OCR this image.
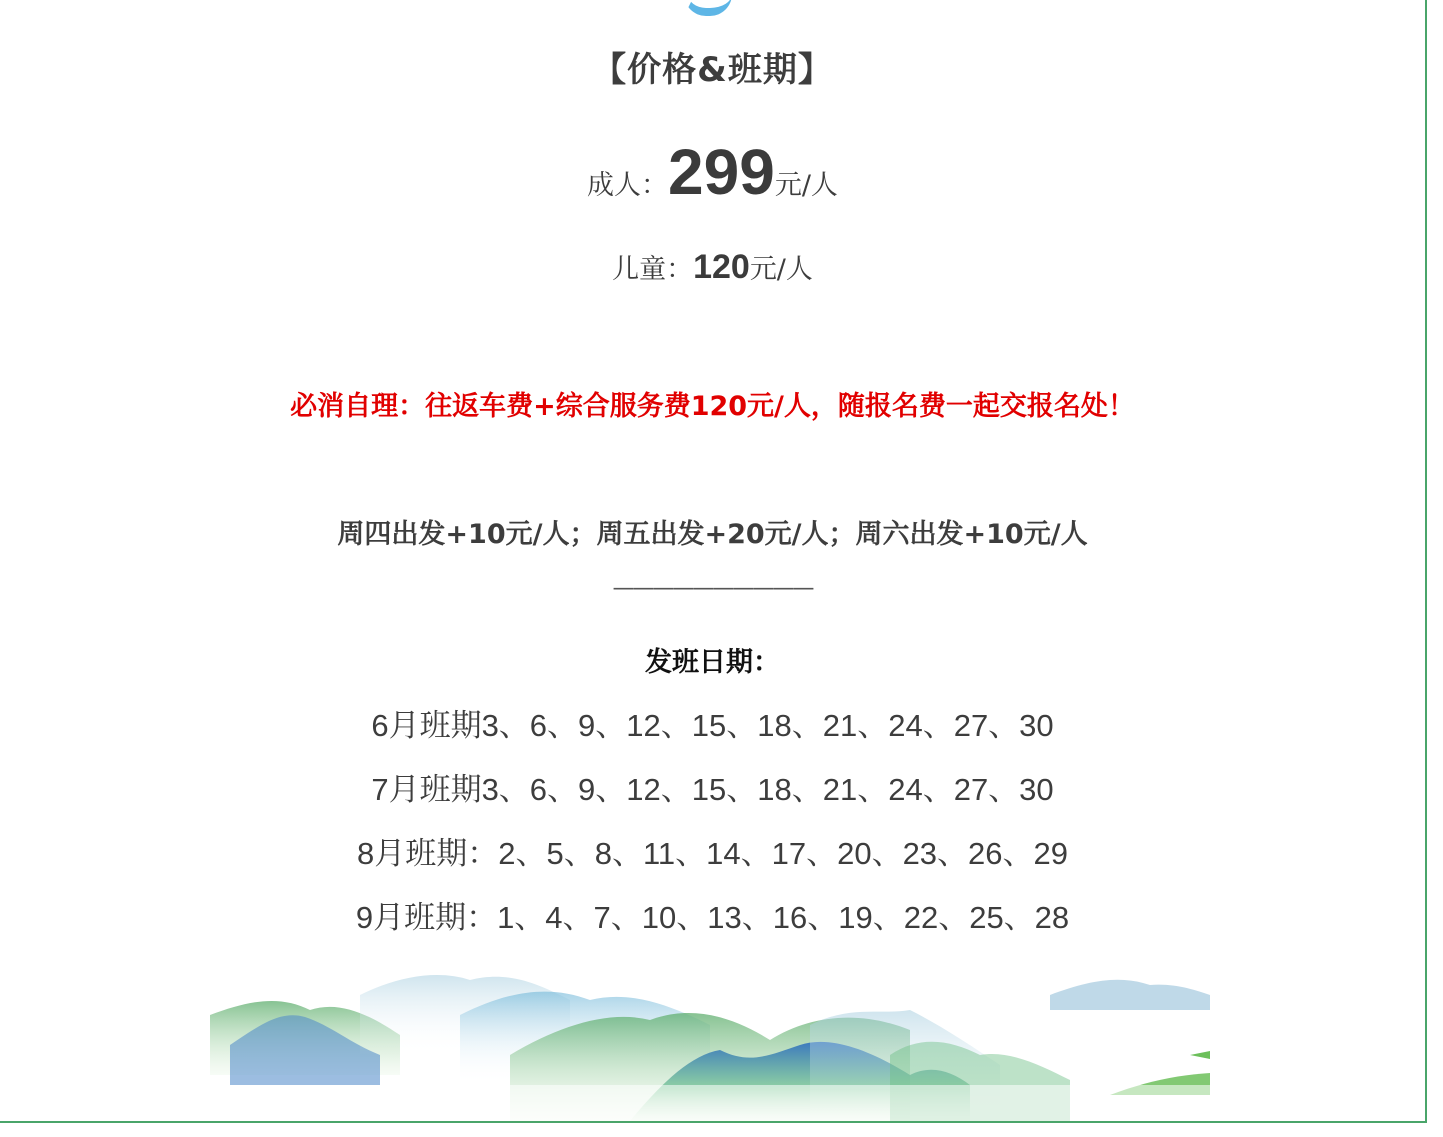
【价格&班期】
成人：299元/人
儿童：120元/人
必消自理：往返车费+综合服务费120元/人，随报名费一起交报名处！
周四出发+10元/人；周五出发+20元/人；周六出发+10元/人
——————————
发班日期：
6月班期3、6、9、12、15、18、21、24、27、30
7月班期3、6、9、12、15、18、21、24、27、30
8月班期：2、5、8、11、14、17、20、23、26、29
9月班期：1、4、7、10、13、16、19、22、25、28
